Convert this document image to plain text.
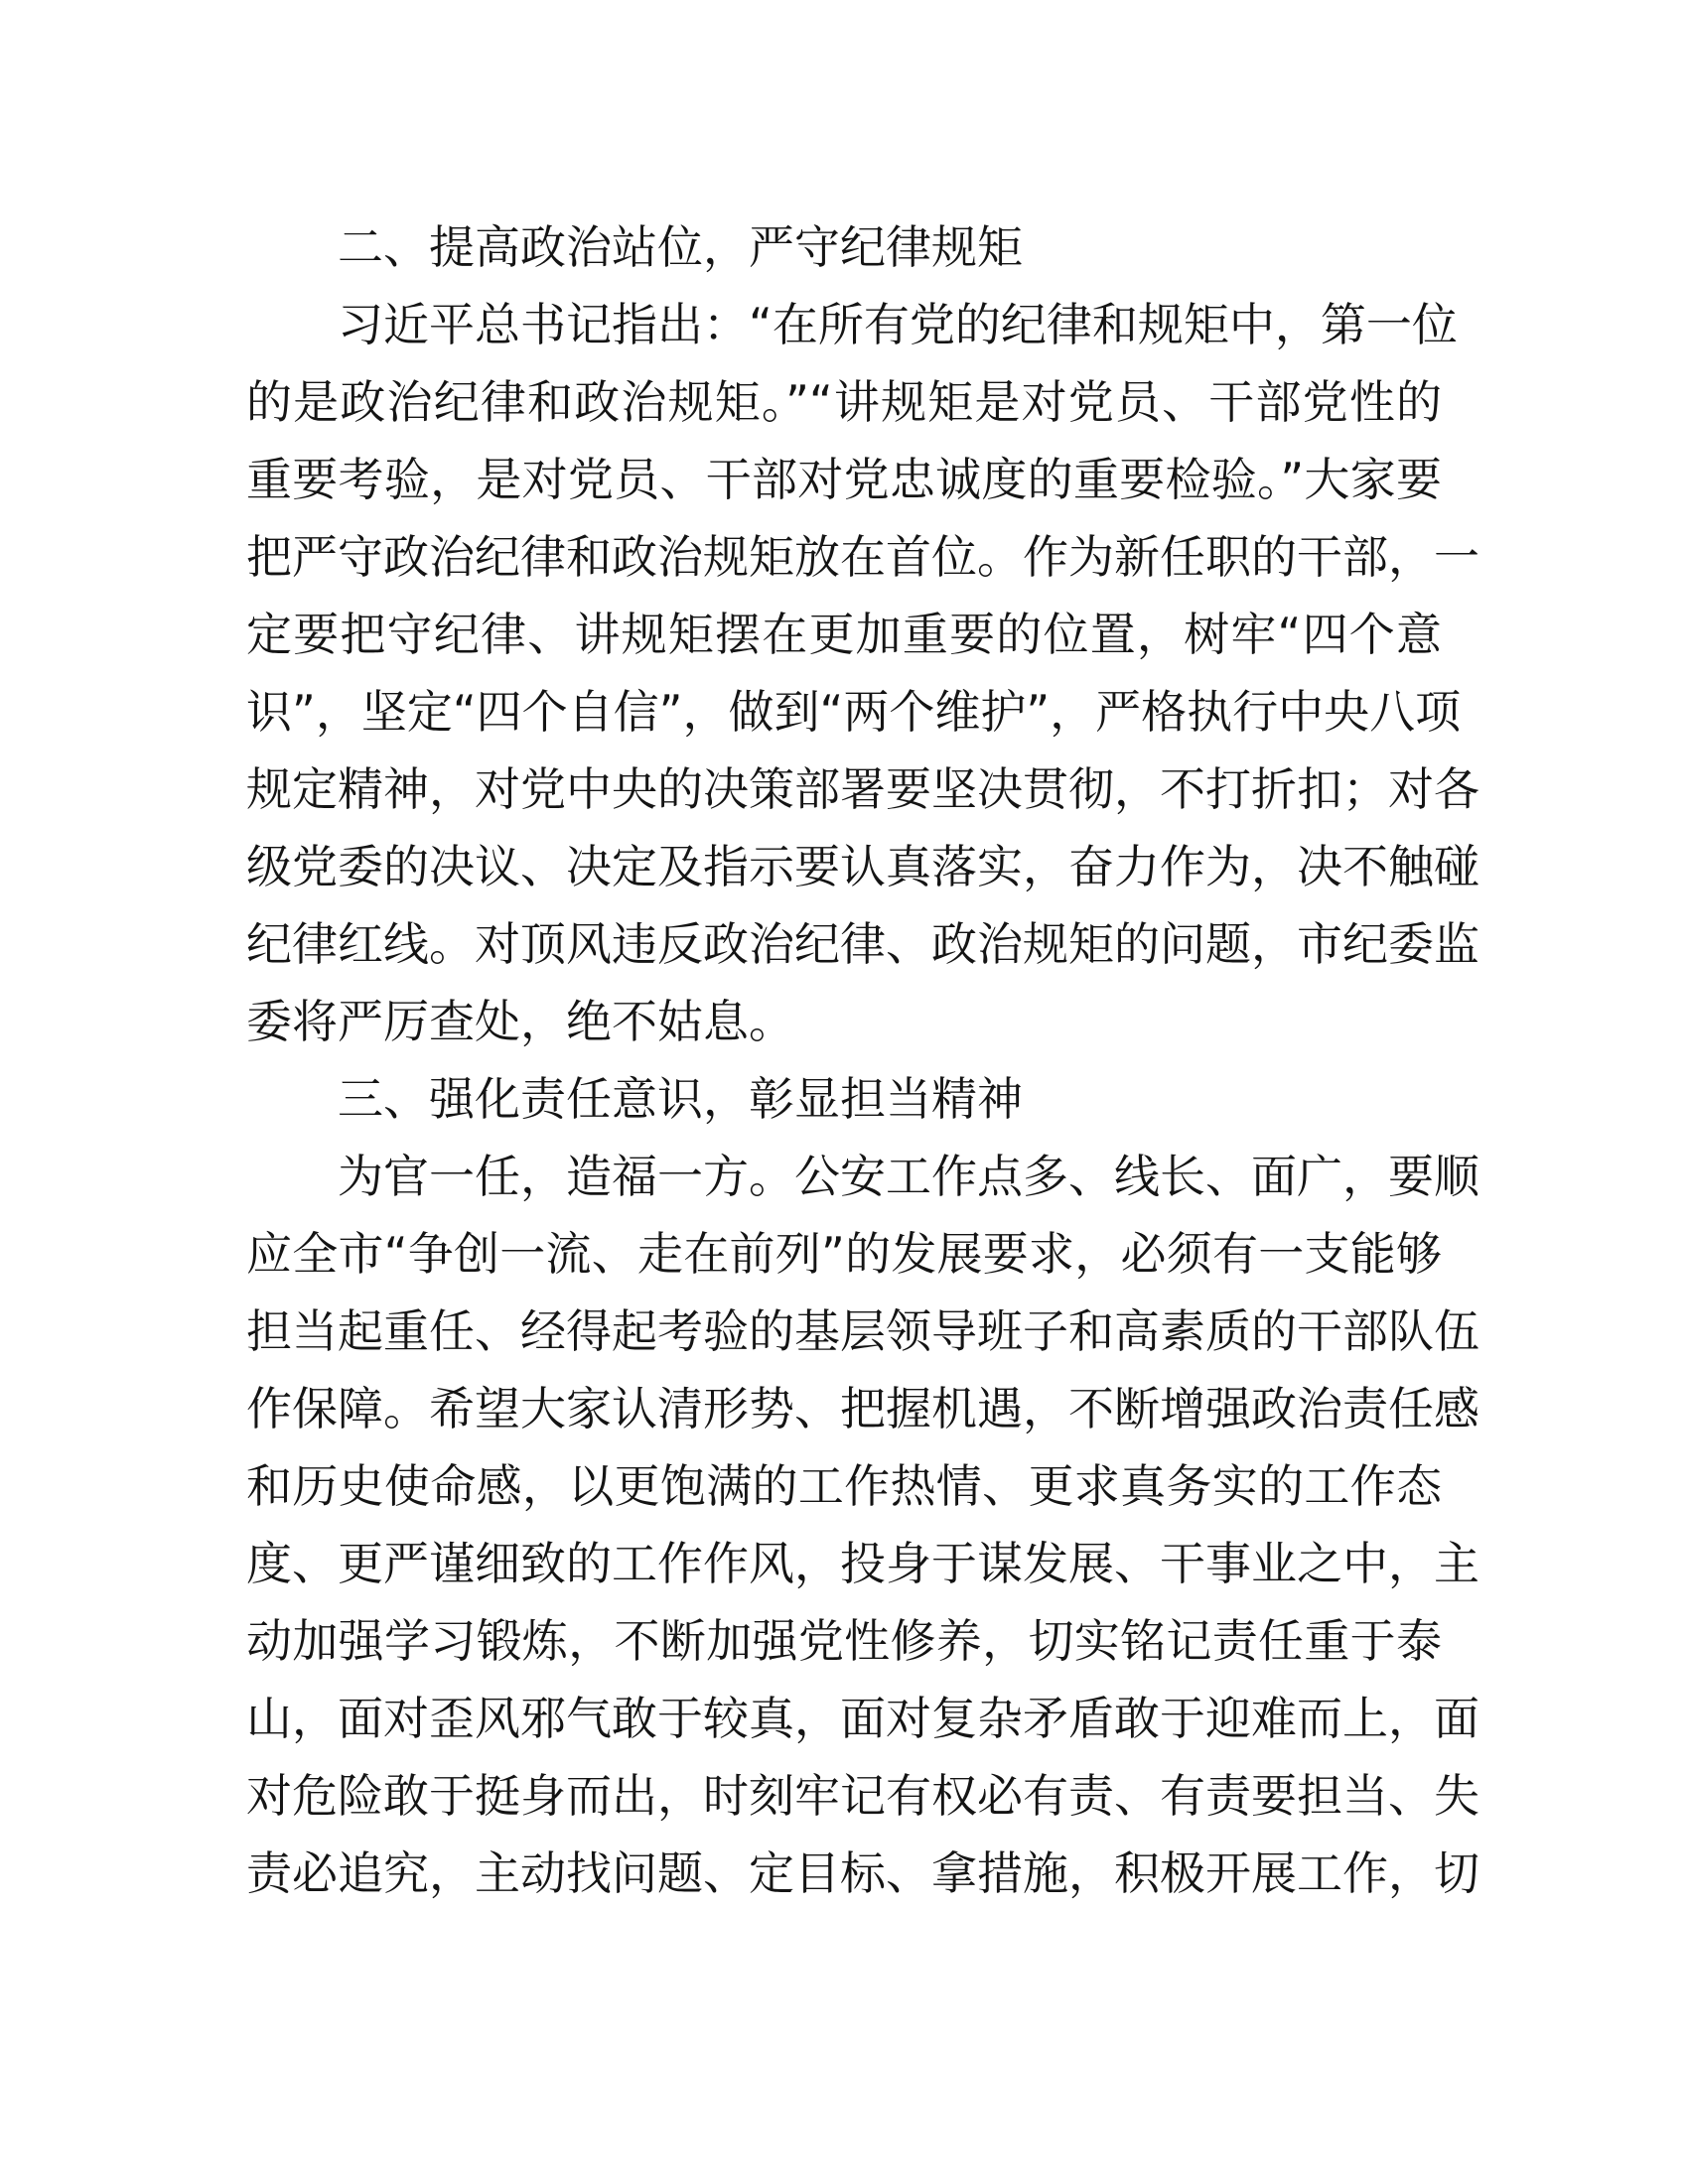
二、提高政治站位，严守纪律规矩
习近平总书记指出：“在所有党的纪律和规矩中，第一位
的是政治纪律和政治规矩。”“讲规矩是对党员、干部党性的
重要考验，是对党员、干部对党忠诚度的重要检验。”大家要
把严守政治纪律和政治规矩放在首位。作为新任职的干部，一
定要把守纪律、讲规矩摆在更加重要的位置，树牢“四个意
识”，坚定“四个自信”，做到“两个维护”，严格执行中央八项
规定精神，对党中央的决策部署要坚决贯彻，不打折扣；对各
级党委的决议、决定及指示要认真落实，奋力作为，决不触碰
纪律红线。对顶风违反政治纪律、政治规矩的问题，市纪委监
委将严厉查处，绝不姑息。
三、强化责任意识，彰显担当精神
为官一任，造福一方。公安工作点多、线长、面广，要顺
应全市“争创一流、走在前列”的发展要求，必须有一支能够
担当起重任、经得起考验的基层领导班子和高素质的干部队伍
作保障。希望大家认清形势、把握机遇，不断增强政治责任感
和历史使命感，以更饱满的工作热情、更求真务实的工作态
度、更严谨细致的工作作风，投身于谋发展、干事业之中，主
动加强学习锻炼，不断加强党性修养，切实铭记责任重于泰
山，面对歪风邪气敢于较真，面对复杂矛盾敢于迎难而上，面
对危险敢于挺身而出，时刻牢记有权必有责、有责要担当、失
责必追究，主动找问题、定目标、拿措施，积极开展工作，切
